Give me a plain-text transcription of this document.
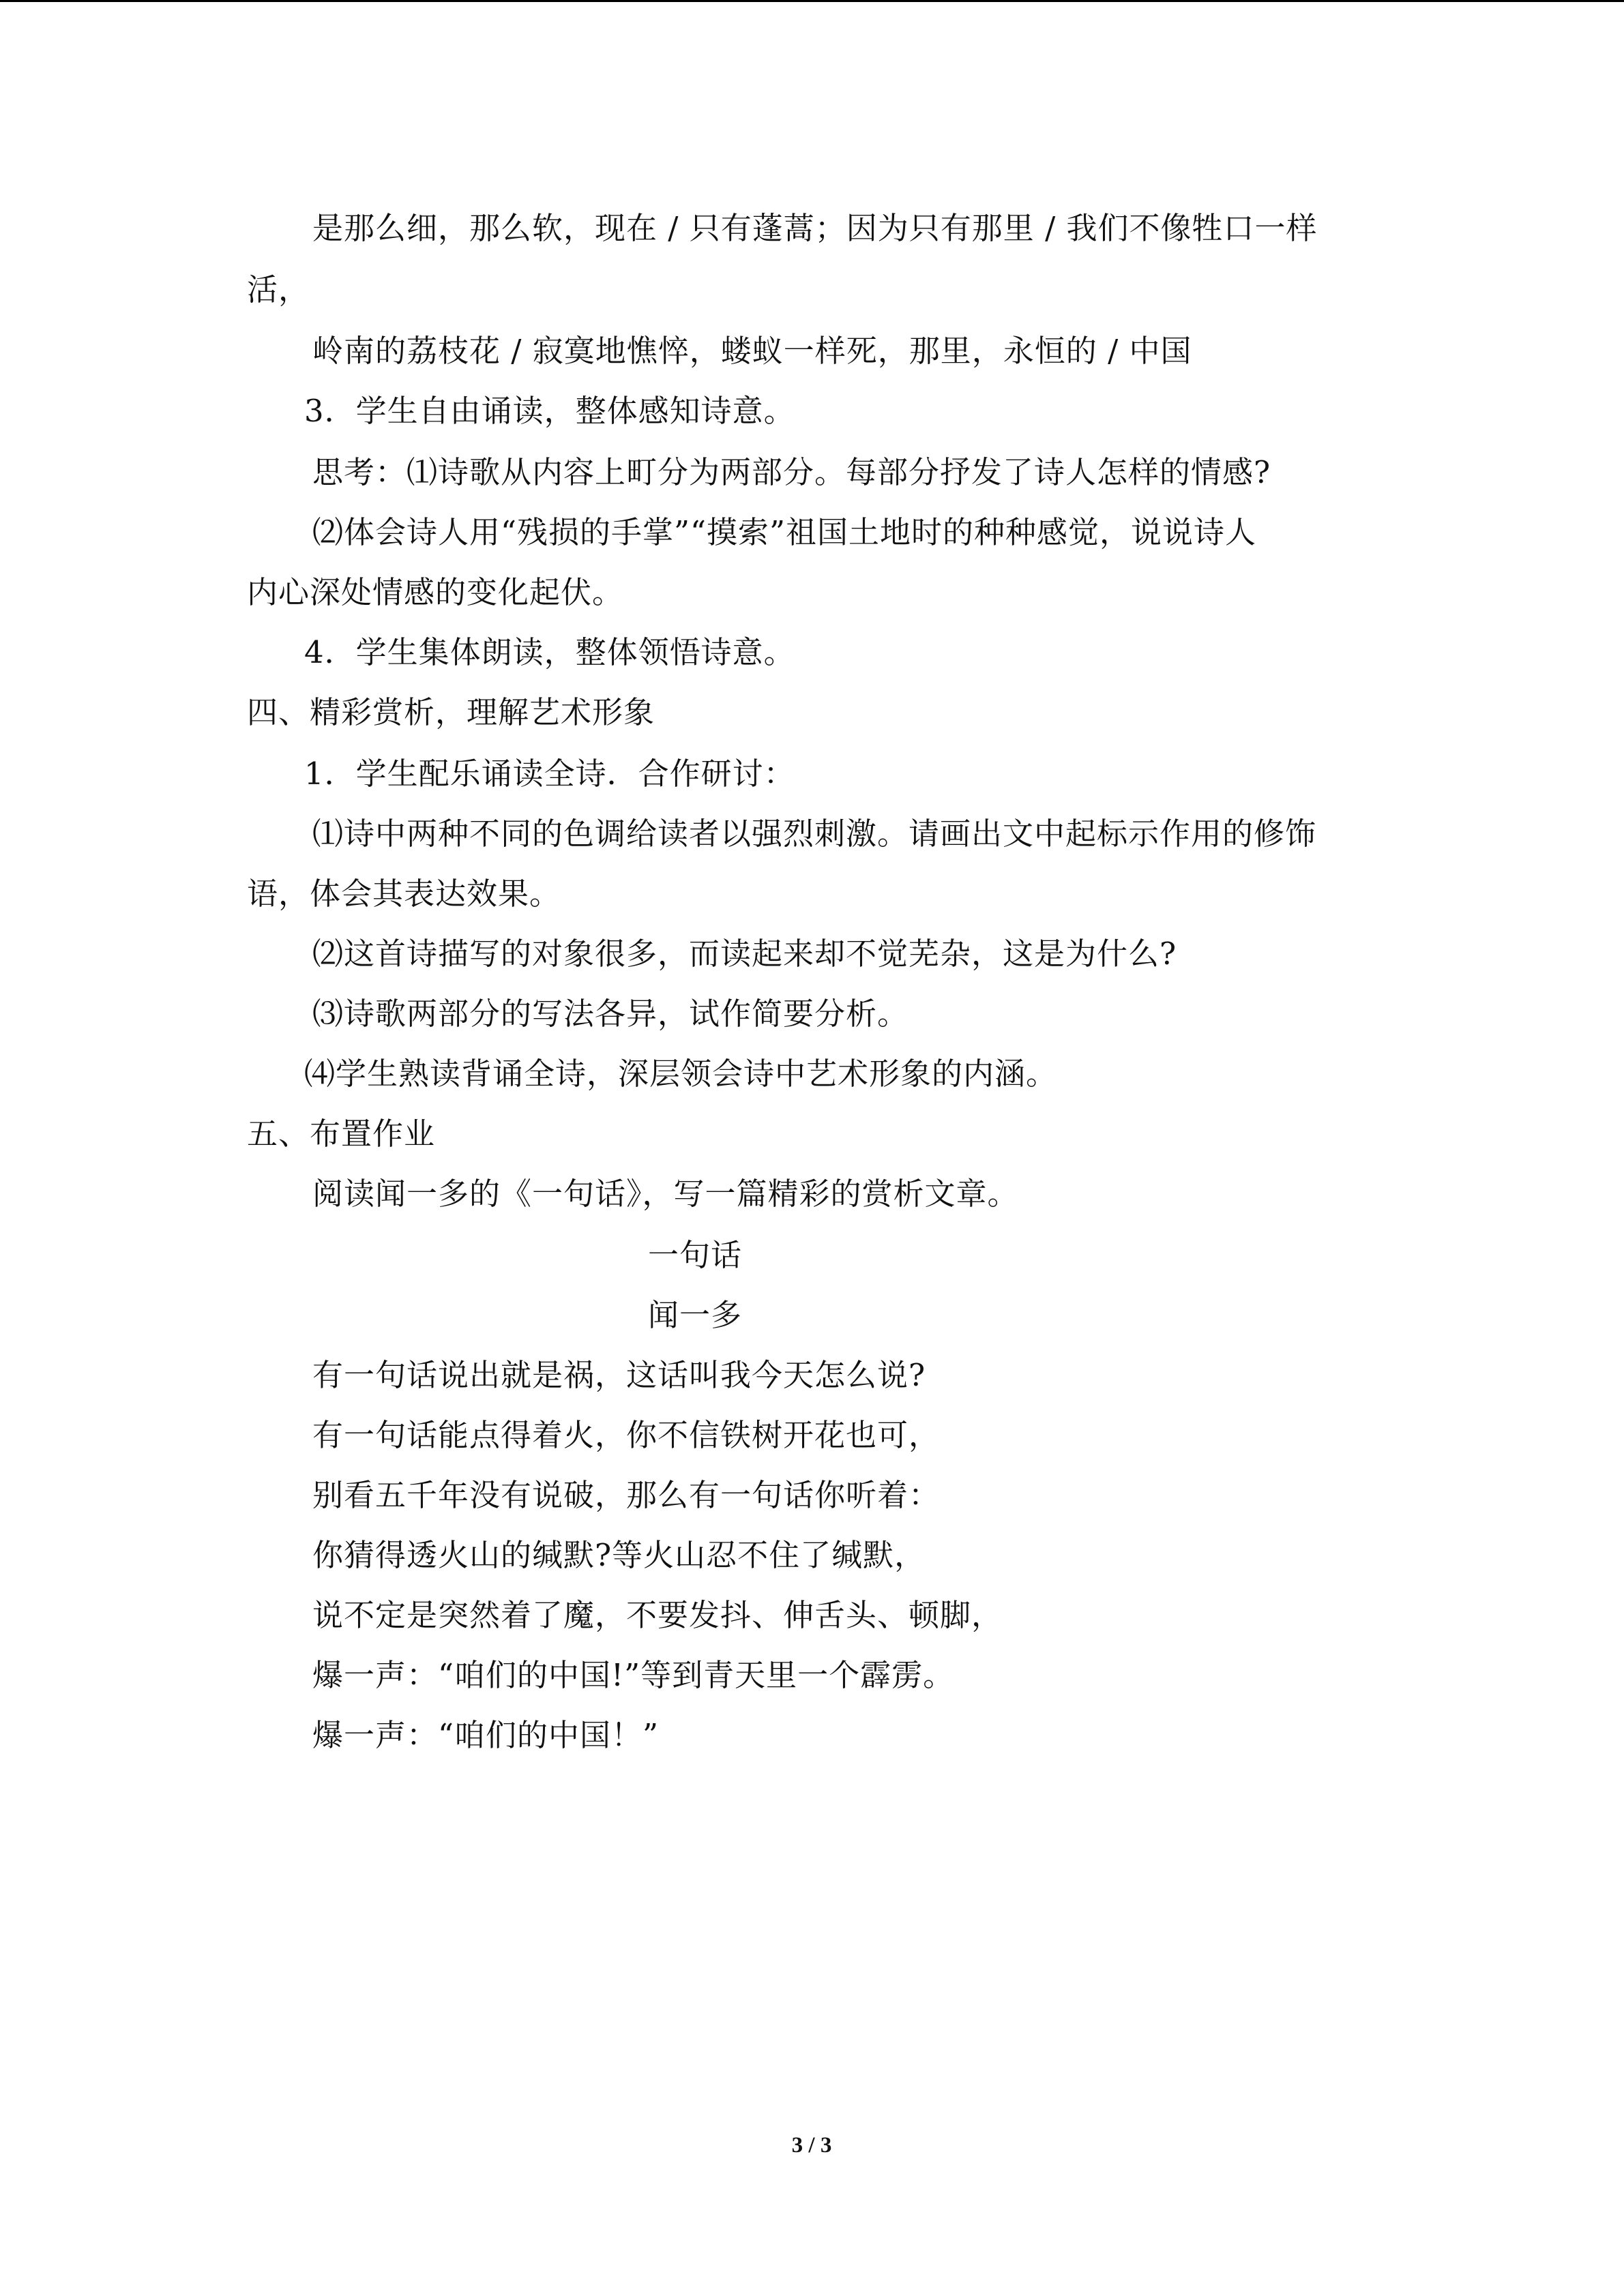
是那么细，那么软，现在 / 只有蓬蒿；因为只有那里 / 我们不像牲口一样
活，
岭南的荔枝花 / 寂寞地憔悴，蝼蚁一样死，那里，永恒的 / 中国
3．学生自由诵读，整体感知诗意。
思考：⑴诗歌从内容上町分为两部分。每部分抒发了诗人怎样的情感?
⑵体会诗人用“残损的手掌”“摸索”祖国土地时的种种感觉，说说诗人
内心深处情感的变化起伏。
4．学生集体朗读，整体领悟诗意。
四、精彩赏析，理解艺术形象
1．学生配乐诵读全诗．合作研讨：
⑴诗中两种不同的色调给读者以强烈刺激。请画出文中起标示作用的修饰
语，体会其表达效果。
⑵这首诗描写的对象很多，而读起来却不觉芜杂，这是为什么?
⑶诗歌两部分的写法各异，试作简要分析。
⑷学生熟读背诵全诗，深层领会诗中艺术形象的内涵。
五、布置作业
阅读闻一多的《一句话》，写一篇精彩的赏析文章。
一句话
闻一多
有一句话说出就是祸，这话叫我今天怎么说?
有一句话能点得着火，你不信铁树开花也可，
别看五千年没有说破，那么有一句话你听着：
你猜得透火山的缄默?等火山忍不住了缄默，
说不定是突然着了魔，不要发抖、伸舌头、顿脚，
爆一声：“咱们的中国!”等到青天里一个霹雳。
爆一声：“咱们的中国！”
3 / 3
